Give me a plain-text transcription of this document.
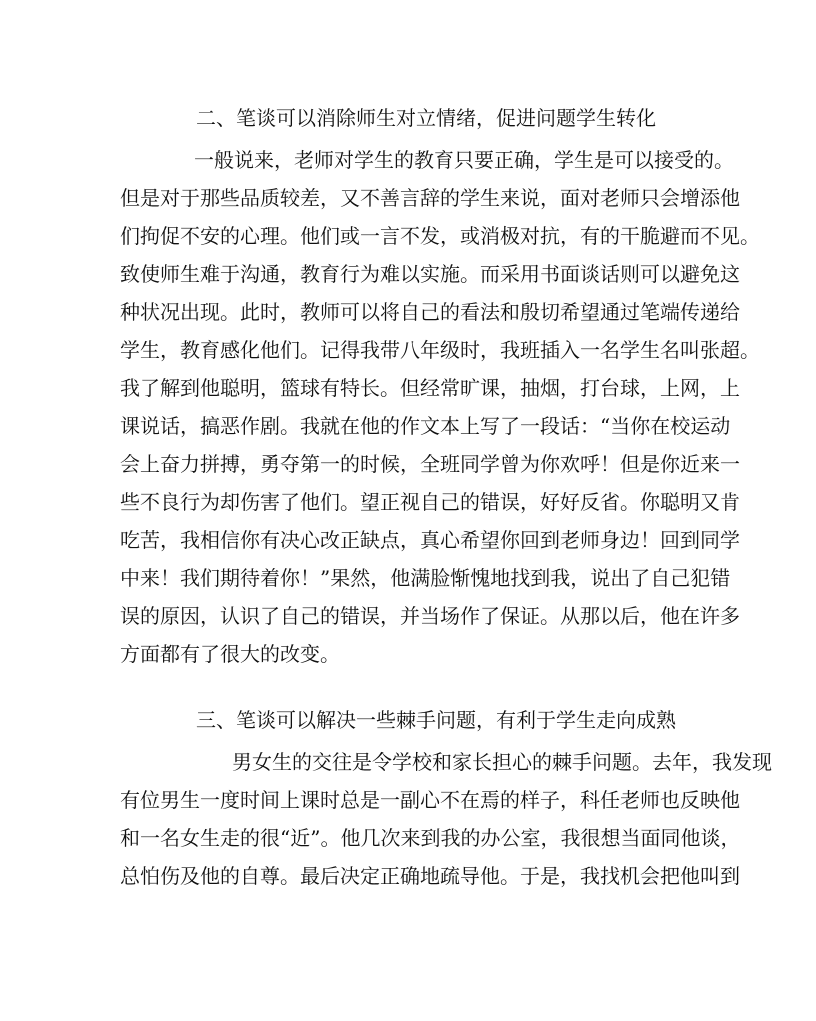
二、笔谈可以消除师生对立情绪，促进问题学生转化
一般说来，老师对学生的教育只要正确，学生是可以接受的。
但是对于那些品质较差，又不善言辞的学生来说，面对老师只会增添他
们拘促不安的心理。他们或一言不发，或消极对抗，有的干脆避而不见。
致使师生难于沟通，教育行为难以实施。而采用书面谈话则可以避免这
种状况出现。此时，教师可以将自己的看法和殷切希望通过笔端传递给
学生，教育感化他们。记得我带八年级时，我班插入一名学生名叫张超。
我了解到他聪明，篮球有特长。但经常旷课，抽烟，打台球，上网，上
课说话，搞恶作剧。我就在他的作文本上写了一段话：“当你在校运动
会上奋力拼搏，勇夺第一的时候，全班同学曾为你欢呼！但是你近来一
些不良行为却伤害了他们。望正视自己的错误，好好反省。你聪明又肯
吃苦，我相信你有决心改正缺点，真心希望你回到老师身边！回到同学
中来！我们期待着你！”果然，他满脸惭愧地找到我，说出了自己犯错
误的原因，认识了自己的错误，并当场作了保证。从那以后，他在许多
方面都有了很大的改变。
三、笔谈可以解决一些棘手问题，有利于学生走向成熟
男女生的交往是令学校和家长担心的棘手问题。去年，我发现
有位男生一度时间上课时总是一副心不在焉的样子，科任老师也反映他
和一名女生走的很“近”。他几次来到我的办公室，我很想当面同他谈，
总怕伤及他的自尊。最后决定正确地疏导他。于是，我找机会把他叫到
